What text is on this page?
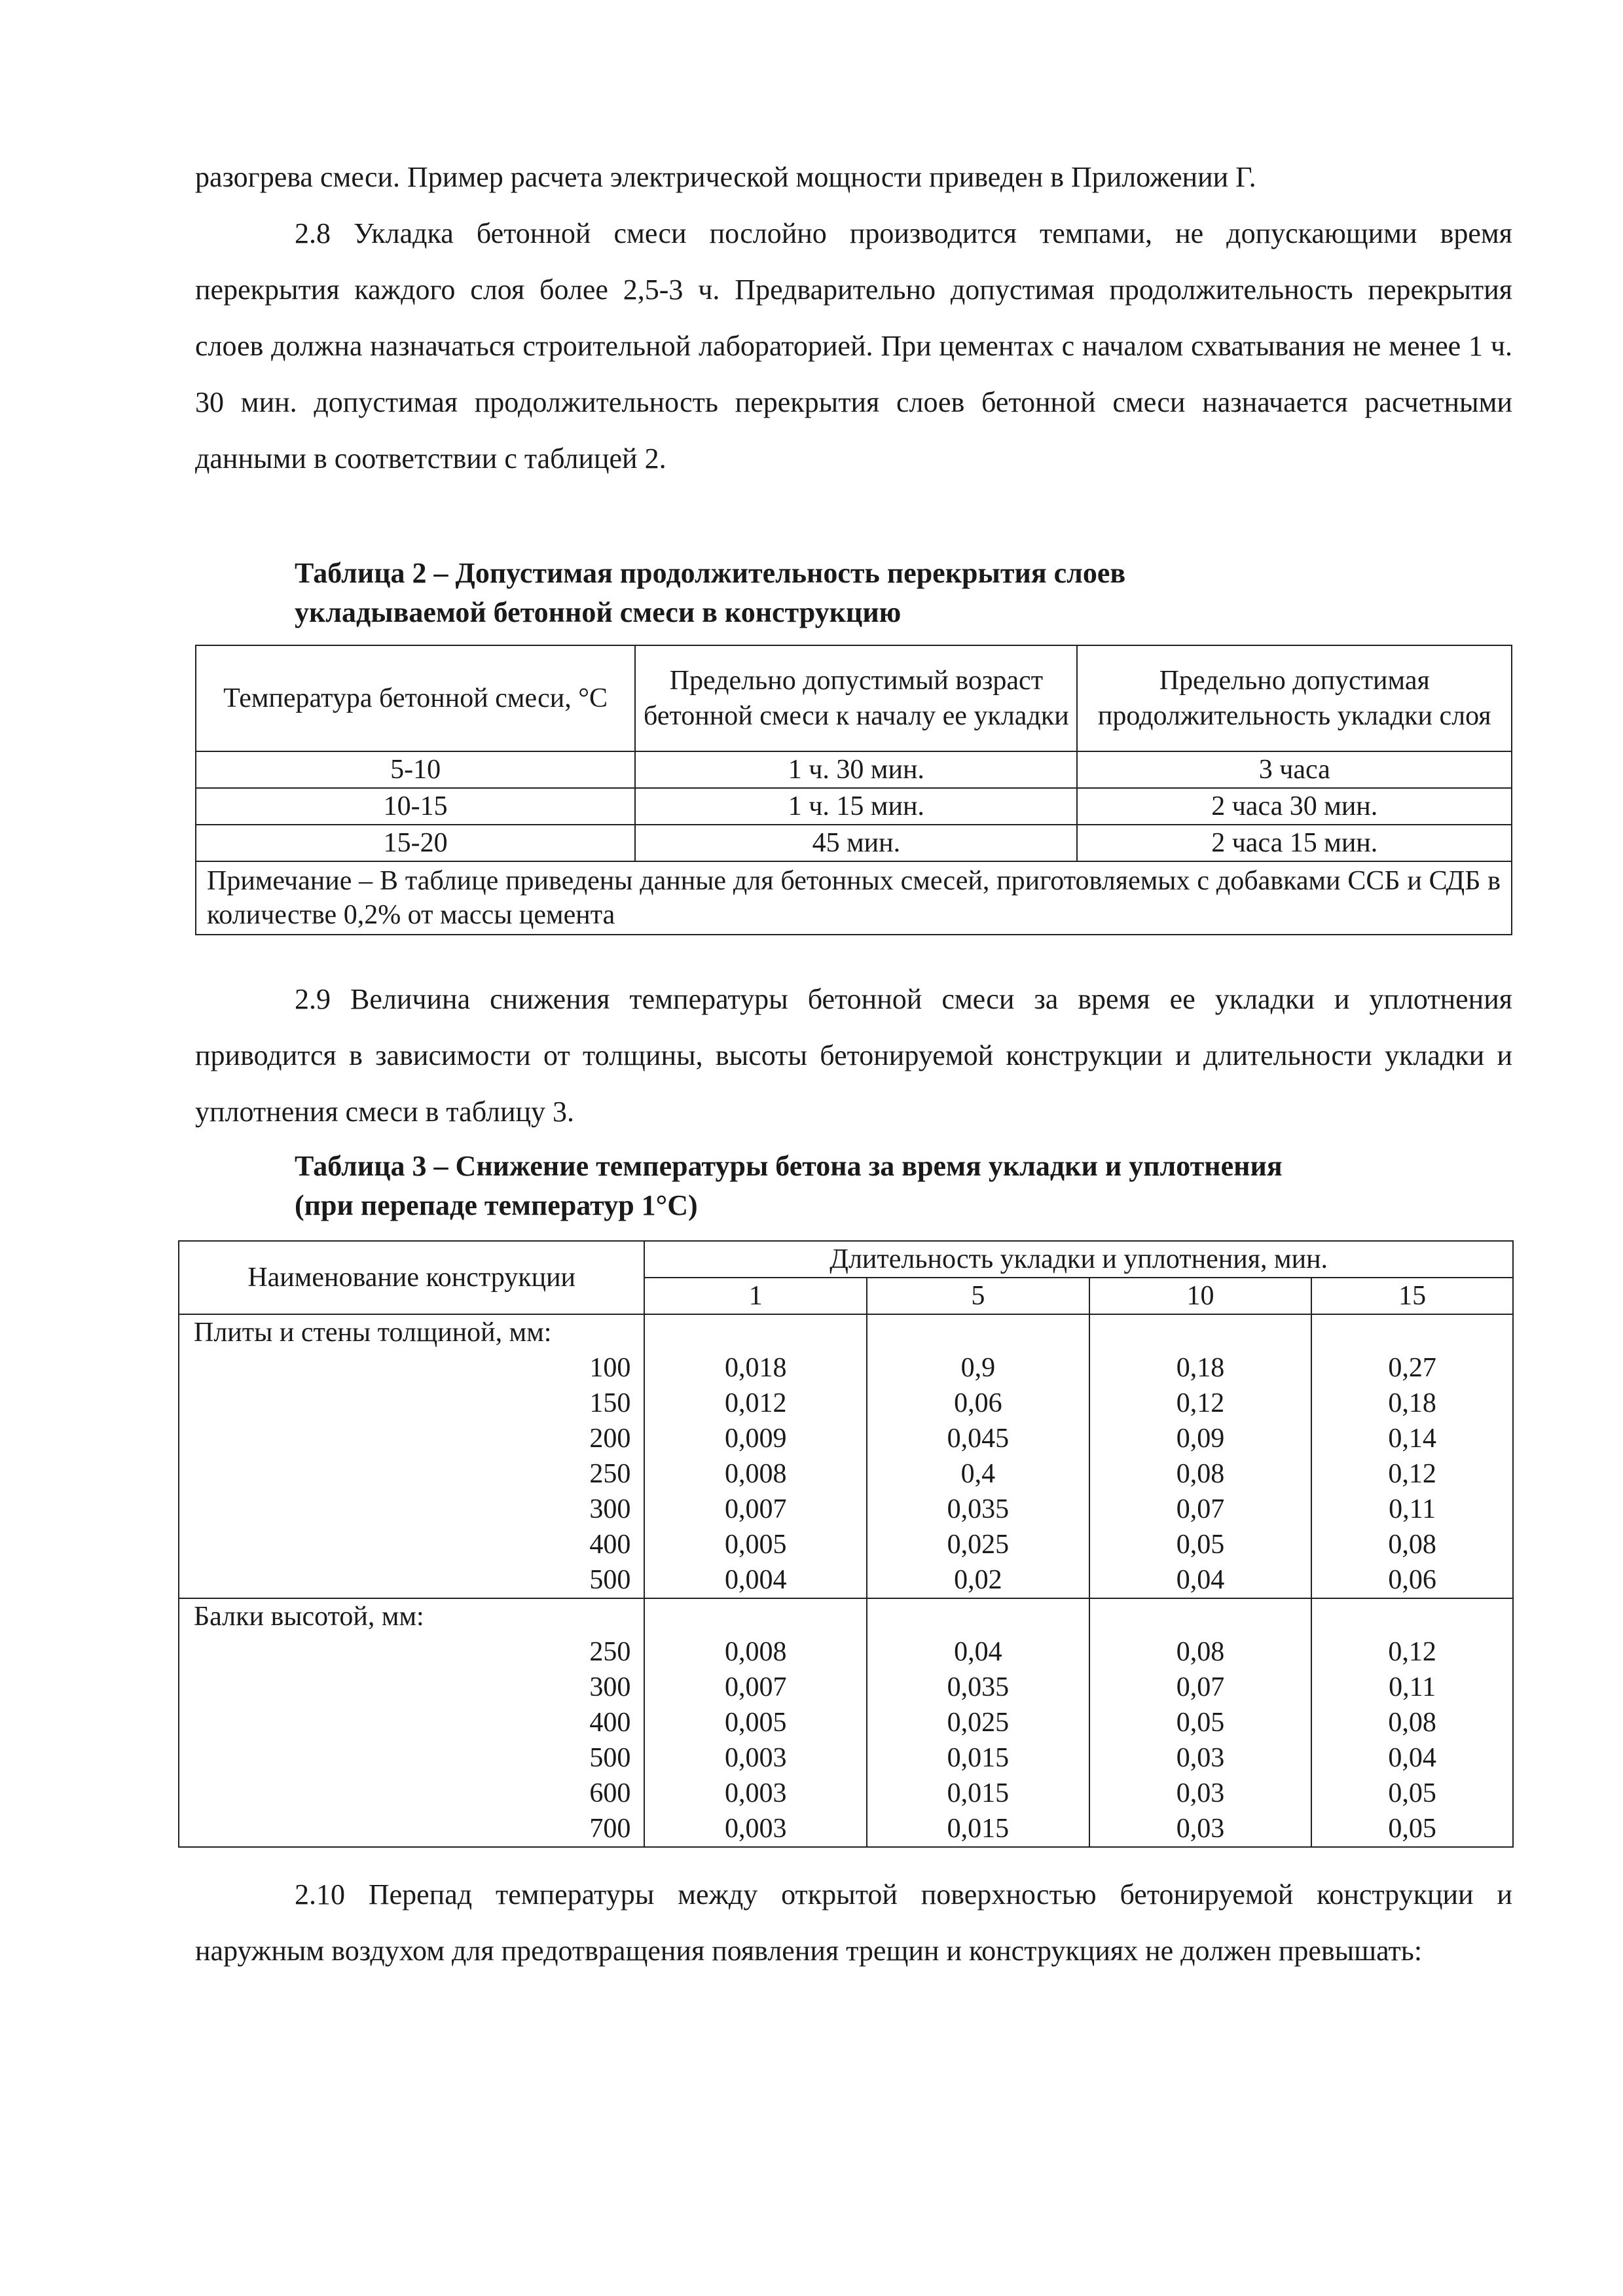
разогрева смеси. Пример расчета электрической мощности приведен в Приложении Г.

2.8 Укладка бетонной смеси послойно производится темпами, не допускающими время перекрытия каждого слоя более 2,5-3 ч. Предварительно допустимая продолжительность перекрытия слоев должна назначаться строительной лабораторией. При цементах с началом схватывания не менее 1 ч. 30 мин. допустимая продолжительность перекрытия слоев бетонной смеси назначается расчетными данными в соответствии с таблицей 2.

Таблица 2 – Допустимая продолжительность перекрытия слоев
укладываемой бетонной смеси в конструкцию
Температура бетонной смеси, °С	Предельно допустимый возраст бетонной смеси к началу ее укладки	Предельно допустимая продолжительность укладки слоя
5-10	1 ч. 30 мин.	3 часа
10-15	1 ч. 15 мин.	2 часа 30 мин.
15-20	45 мин.	2 часа 15 мин.
Примечание – В таблице приведены данные для бетонных смесей, приготовляемых с добавками ССБ и СДБ в количестве 0,2% от массы цемента		

2.9 Величина снижения температуры бетонной смеси за время ее укладки и уплотнения приводится в зависимости от толщины, высоты бетонируемой конструкции и длительности укладки и уплотнения смеси в таблицу 3.

Таблица 3 – Снижение температуры бетона за время укладки и уплотнения
(при перепаде температур 1°С)
Наименование конструкции	Длительность укладки и уплотнения, мин.			
	1	5	10	15
Плиты и стены толщиной, мм:				
100	0,018	0,9	0,18	0,27
150	0,012	0,06	0,12	0,18
200	0,009	0,045	0,09	0,14
250	0,008	0,4	0,08	0,12
300	0,007	0,035	0,07	0,11
400	0,005	0,025	0,05	0,08
500	0,004	0,02	0,04	0,06
Балки высотой, мм:				
250	0,008	0,04	0,08	0,12
300	0,007	0,035	0,07	0,11
400	0,005	0,025	0,05	0,08
500	0,003	0,015	0,03	0,04
600	0,003	0,015	0,03	0,05
700	0,003	0,015	0,03	0,05

2.10 Перепад температуры между открытой поверхностью бетонируемой конструкции и наружным воздухом для предотвращения появления трещин и конструкциях не должен превышать:
